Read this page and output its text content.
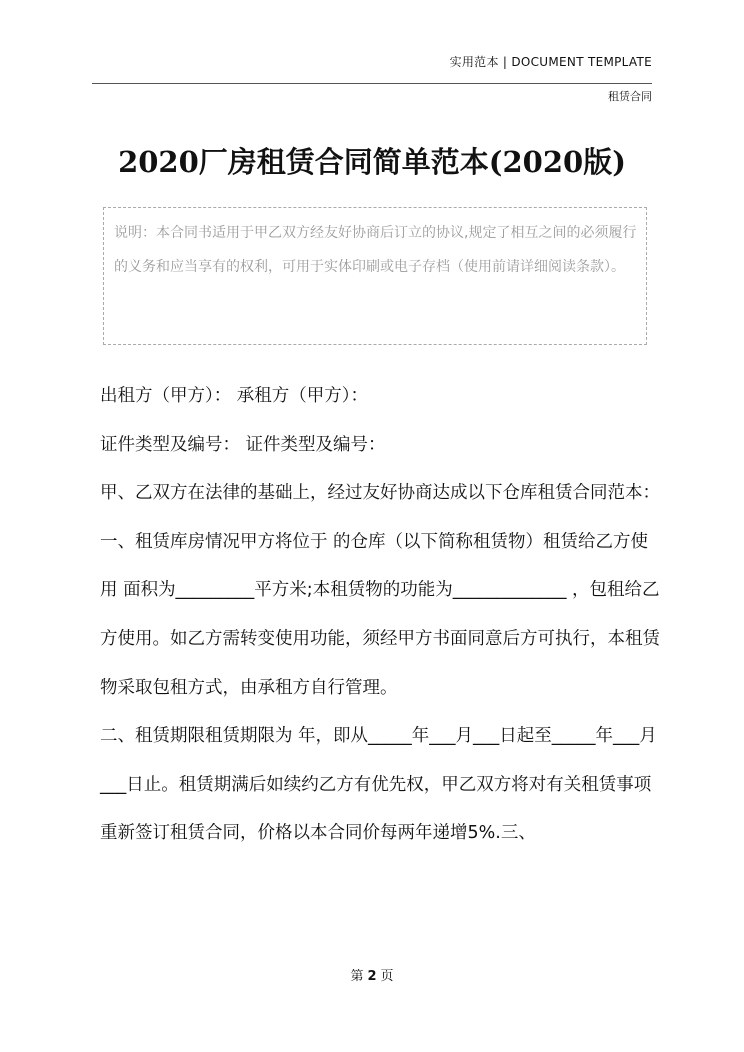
实用范本 | DOCUMENT TEMPLATE
租赁合同
2020厂房租赁合同简单范本(2020版)
说明：本合同书适用于甲乙双方经友好协商后订立的协议,规定了相互之间的必须履行的义务和应当享有的权利，可用于实体印刷或电子存档（使用前请详细阅读条款）。

出租方（甲方）： 承租方（甲方）：

证件类型及编号： 证件类型及编号：

甲、乙双方在法律的基础上，经过友好协商达成以下仓库租赁合同范本：

一、租赁库房情况甲方将位于 的仓库（以下简称租赁物）租赁给乙方使用 面积为_________平方米;本租赁物的功能为_____________ ，包租给乙方使用。如乙方需转变使用功能，须经甲方书面同意后方可执行，本租赁物采取包租方式，由承租方自行管理。

二、租赁期限租赁期限为 年，即从_____年___月___日起至_____年___月___日止。租赁期满后如续约乙方有优先权，甲乙双方将对有关租赁事项重新签订租赁合同，价格以本合同价每两年递增5%.三、

第 2 页
